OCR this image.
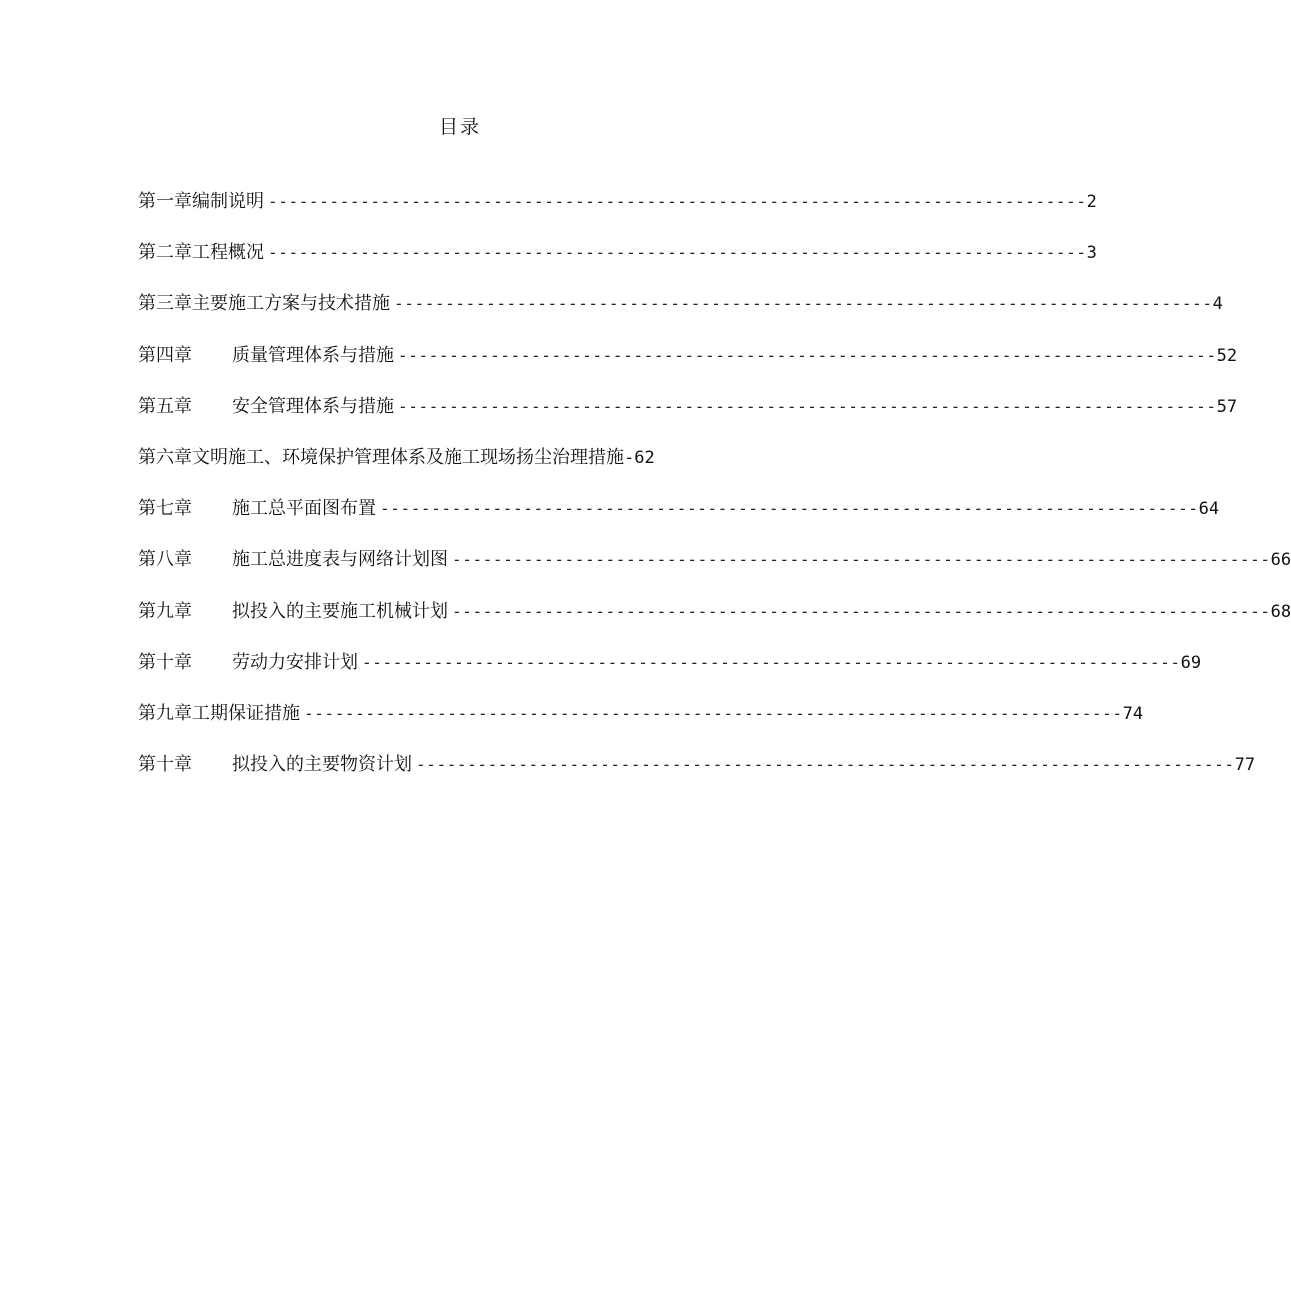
目录
第一章编制说明 -------------------------------------------------------------------------------- 2
第二章工程概况 -------------------------------------------------------------------------------- 3
第三章主要施工方案与技术措施 -------------------------------------------------------------------------------- 4
第四章 质量管理体系与措施 -------------------------------------------------------------------------------- 52
第五章 安全管理体系与措施 -------------------------------------------------------------------------------- 57
第六章文明施工、环境保护管理体系及施工现场扬尘治理措施 - 62
第七章 施工总平面图布置 -------------------------------------------------------------------------------- 64
第八章 施工总进度表与网络计划图 -------------------------------------------------------------------------------- 66
第九章 拟投入的主要施工机械计划 -------------------------------------------------------------------------------- 68
第十章 劳动力安排计划 -------------------------------------------------------------------------------- 69
第九章工期保证措施 -------------------------------------------------------------------------------- 74
第十章 拟投入的主要物资计划 -------------------------------------------------------------------------------- 77
